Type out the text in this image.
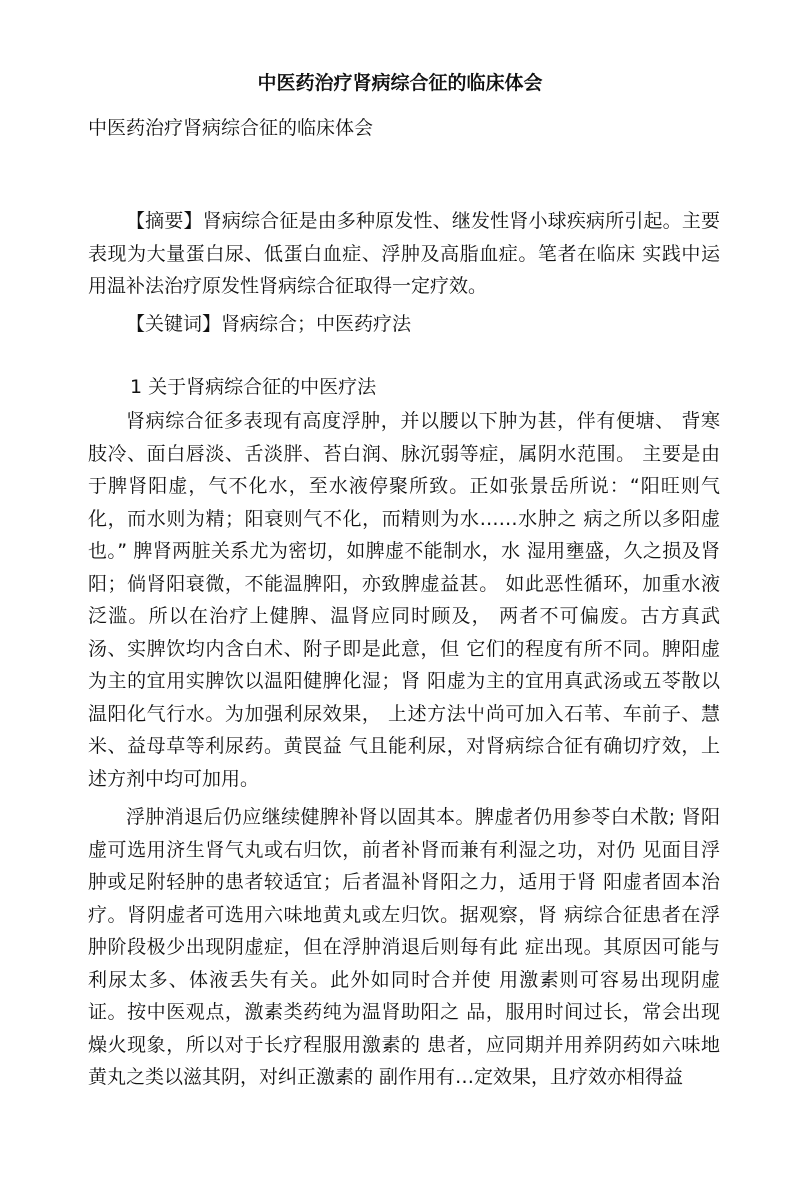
中医药治疗肾病综合征的临床体会

中医药治疗肾病综合征的临床体会

【摘要】肾病综合征是由多种原发性、继发性肾小球疾病所引起。主要表现为大量蛋白尿、低蛋白血症、浮肿及高脂血症。笔者在临床 实践中运用温补法治疗原发性肾病综合征取得一定疗效。

【关键词】肾病综合；中医药疗法

1 关于肾病综合征的中医疗法

肾病综合征多表现有高度浮肿，并以腰以下肿为甚，伴有便塘、 背寒肢冷、面白唇淡、舌淡胖、苔白润、脉沉弱等症，属阴水范围。 主要是由于脾肾阳虚，气不化水，至水液停聚所致。正如张景岳所说：“阳旺则气化，而水则为精；阳衰则气不化，而精则为水……水肿之 病之所以多阳虚也。” 脾肾两脏关系尤为密切，如脾虚不能制水，水 湿用壅盛，久之损及肾阳；倘肾阳衰微，不能温脾阳，亦致脾虚益甚。 如此恶性循环，加重水液泛滥。所以在治疗上健脾、温肾应同时顾及， 两者不可偏废。古方真武汤、实脾饮均内含白术、附子即是此意，但 它们的程度有所不同。脾阳虚为主的宜用实脾饮以温阳健脾化湿；肾 阳虚为主的宜用真武汤或五苓散以温阳化气行水。为加强利尿效果， 上述方法屮尚可加入石苇、车前子、慧米、益母草等利尿药。黄罠益 气且能利尿，对肾病综合征有确切疗效，上述方剂中均可加用。

浮肿消退后仍应继续健脾补肾以固其本。脾虚者仍用参苓白术散; 肾阳虚可选用济生肾气丸或右归饮，前者补肾而兼有利湿之功，对仍 见面目浮肿或足附轻肿的患者较适宜；后者温补肾阳之力，适用于肾 阳虚者固本治疗。肾阴虚者可选用六味地黄丸或左归饮。据观察，肾 病综合征患者在浮肿阶段极少出现阴虚症，但在浮肿消退后则每有此 症出现。其原因可能与利尿太多、体液丢失有关。此外如同时合并使 用激素则可容易出现阴虚证。按中医观点，激素类药纯为温肾助阳之 品，服用时间过长，常会出现燥火现象，所以对于长疗程服用激素的 患者，应同期并用养阴药如六味地黄丸之类以滋其阴，对纠正激素的 副作用有…定效果，且疗效亦相得益
